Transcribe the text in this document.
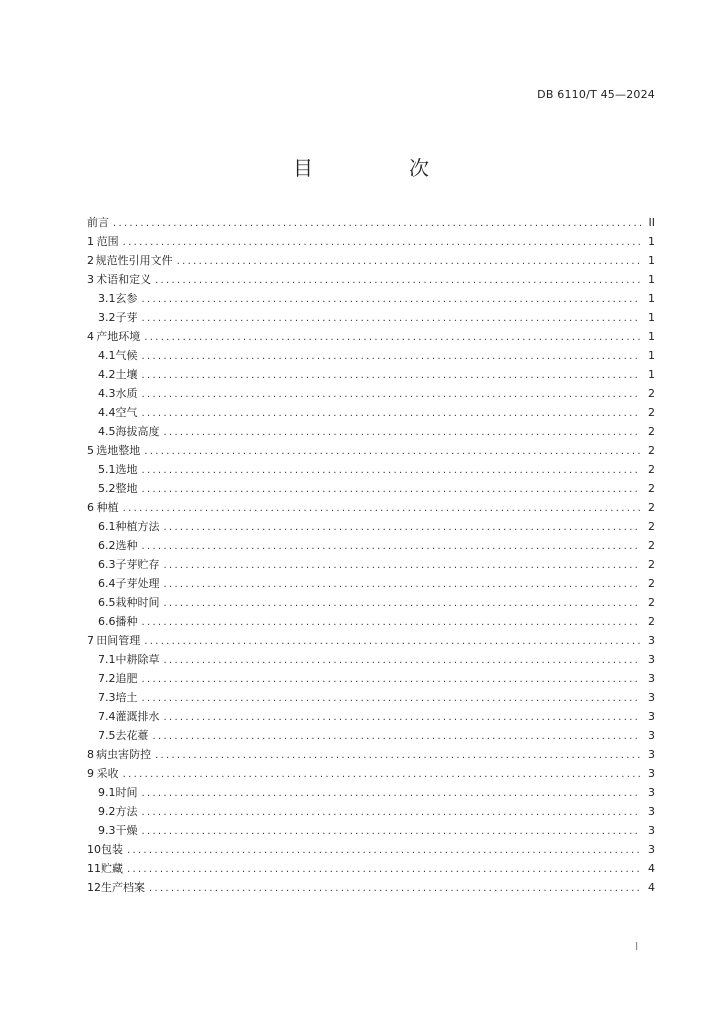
DB 6110/T 45—2024
目　次
前言 .....	II
1 范围 .....	1
2 规范性引用文件 .....	1
3 术语和定义 .....	1
3.1 玄参 .....	1
3.2 子芽 .....	1
4 产地环境 .....	1
4.1 气候 .....	1
4.2 土壤 .....	1
4.3 水质 .....	2
4.4 空气 .....	2
4.5 海拔高度 .....	2
5 选地整地 .....	2
5.1 选地 .....	2
5.2 整地 .....	2
6 种植 .....	2
6.1 种植方法 .....	2
6.2 选种 .....	2
6.3 子芽贮存 .....	2
6.4 子芽处理 .....	2
6.5 栽种时间 .....	2
6.6 播种 .....	2
7 田间管理 .....	3
7.1 中耕除草 .....	3
7.2 追肥 .....	3
7.3 培土 .....	3
7.4 灌溉排水 .....	3
7.5 去花薹 .....	3
8 病虫害防控 .....	3
9 采收 .....	3
9.1 时间 .....	3
9.2 方法 .....	3
9.3 干燥 .....	3
10 包装 .....	3
11 贮藏 .....	4
12 生产档案 .....	4
I
